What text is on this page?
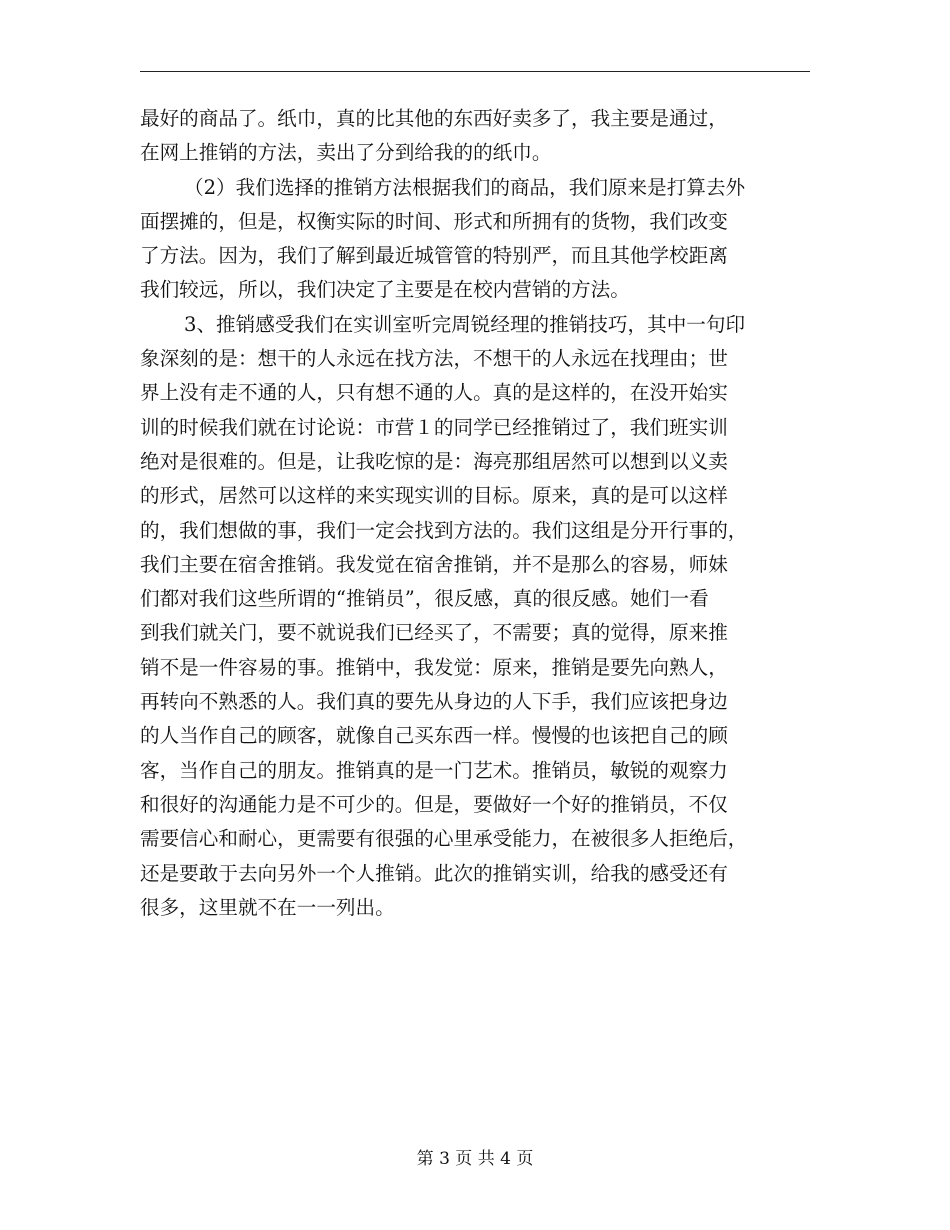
最好的商品了。纸巾，真的比其他的东西好卖多了，我主要是通过，
在网上推销的方法，卖出了分到给我的的纸巾。
（2）我们选择的推销方法根据我们的商品，我们原来是打算去外
面摆摊的，但是，权衡实际的时间、形式和所拥有的货物，我们改变
了方法。因为，我们了解到最近城管管的特别严，而且其他学校距离
我们较远，所以，我们决定了主要是在校内营销的方法。
3、推销感受我们在实训室听完周锐经理的推销技巧，其中一句印
象深刻的是：想干的人永远在找方法，不想干的人永远在找理由；世
界上没有走不通的人，只有想不通的人。真的是这样的，在没开始实
训的时候我们就在讨论说：市营１的同学已经推销过了，我们班实训
绝对是很难的。但是，让我吃惊的是：海亮那组居然可以想到以义卖
的形式，居然可以这样的来实现实训的目标。原来，真的是可以这样
的，我们想做的事，我们一定会找到方法的。我们这组是分开行事的，
我们主要在宿舍推销。我发觉在宿舍推销，并不是那么的容易，师妹
们都对我们这些所谓的“推销员”，很反感，真的很反感。她们一看
到我们就关门，要不就说我们已经买了，不需要；真的觉得，原来推
销不是一件容易的事。推销中，我发觉：原来，推销是要先向熟人，
再转向不熟悉的人。我们真的要先从身边的人下手，我们应该把身边
的人当作自己的顾客，就像自己买东西一样。慢慢的也该把自己的顾
客，当作自己的朋友。推销真的是一门艺术。推销员，敏锐的观察力
和很好的沟通能力是不可少的。但是，要做好一个好的推销员，不仅
需要信心和耐心，更需要有很强的心里承受能力，在被很多人拒绝后，
还是要敢于去向另外一个人推销。此次的推销实训，给我的感受还有
很多，这里就不在一一列出。
第 3 页 共 4 页
